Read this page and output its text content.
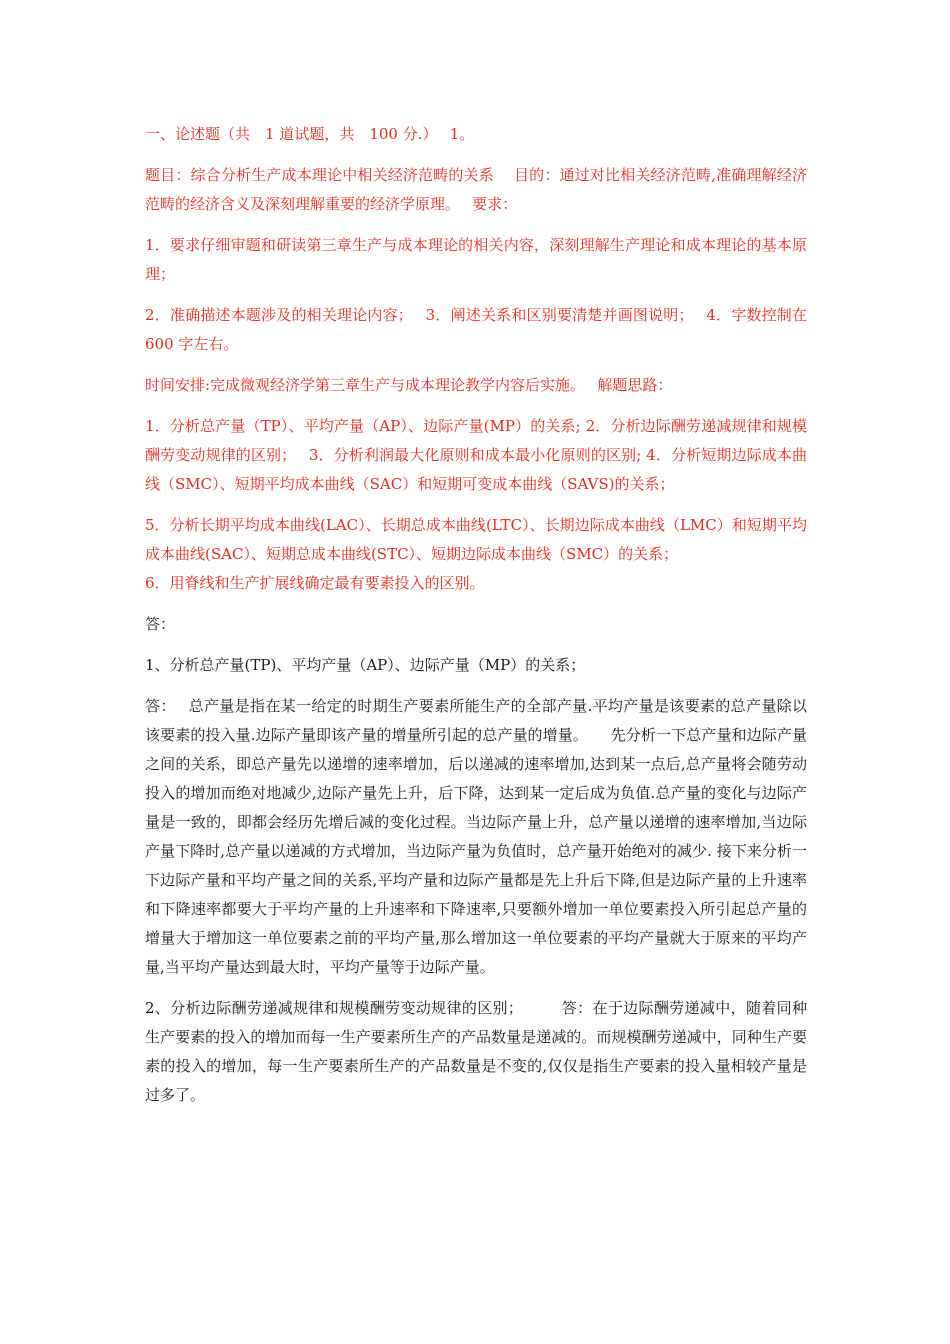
一、论述题（共　1 道试题，共　100 分.）　 1。

题目：综合分析生产成本理论中相关经济范畴的关系　 目的：通过对比相关经济范畴,准确理解经济范畴的经济含义及深刻理解重要的经济学原理。　 要求：

1．要求仔细审题和研读第三章生产与成本理论的相关内容，深刻理解生产理论和成本理论的基本原理；

2．准确描述本题涉及的相关理论内容；　 3．阐述关系和区别要清楚并画图说明；　 4．字数控制在 600 字左右。

时间安排:完成微观经济学第三章生产与成本理论教学内容后实施。　 解题思路：

1．分析总产量（TP）、平均产量（AP）、边际产量(MP）的关系; 2．分析边际酬劳递减规律和规模酬劳变动规律的区别；　 3．分析利润最大化原则和成本最小化原则的区别; 4．分析短期边际成本曲线（SMC）、短期平均成本曲线（SAC）和短期可变成本曲线（SAVS)的关系；

5．分析长期平均成本曲线(LAC）、长期总成本曲线(LTC）、长期边际成本曲线（LMC）和短期平均成本曲线(SAC）、短期总成本曲线(STC）、短期边际成本曲线（SMC）的关系；

6．用脊线和生产扩展线确定最有要素投入的区别。

答：

1、分析总产量(TP)、平均产量（AP）、边际产量（MP）的关系；

答：　 总产量是指在某一给定的时期生产要素所能生产的全部产量.平均产量是该要素的总产量除以该要素的投入量.边际产量即该产量的增量所引起的总产量的增量。　　先分析一下总产量和边际产量之间的关系，即总产量先以递增的速率增加，后以递减的速率增加,达到某一点后,总产量将会随劳动投入的增加而绝对地减少,边际产量先上升，后下降，达到某一定后成为负值.总产量的变化与边际产量是一致的，即都会经历先增后减的变化过程。当边际产量上升，总产量以递增的速率增加,当边际产量下降时,总产量以递减的方式增加，当边际产量为负值时，总产量开始绝对的减少. 接下来分析一下边际产量和平均产量之间的关系,平均产量和边际产量都是先上升后下降,但是边际产量的上升速率和下降速率都要大于平均产量的上升速率和下降速率,只要额外增加一单位要素投入所引起总产量的增量大于增加这一单位要素之前的平均产量,那么增加这一单位要素的平均产量就大于原来的平均产量,当平均产量达到最大时，平均产量等于边际产量。

2、分析边际酬劳递减规律和规模酬劳变动规律的区别；　　　答：在于边际酬劳递减中，随着同种生产要素的投入的增加而每一生产要素所生产的产品数量是递减的。而规模酬劳递减中，同种生产要素的投入的增加，每一生产要素所生产的产品数量是不变的,仅仅是指生产要素的投入量相较产量是过多了。
